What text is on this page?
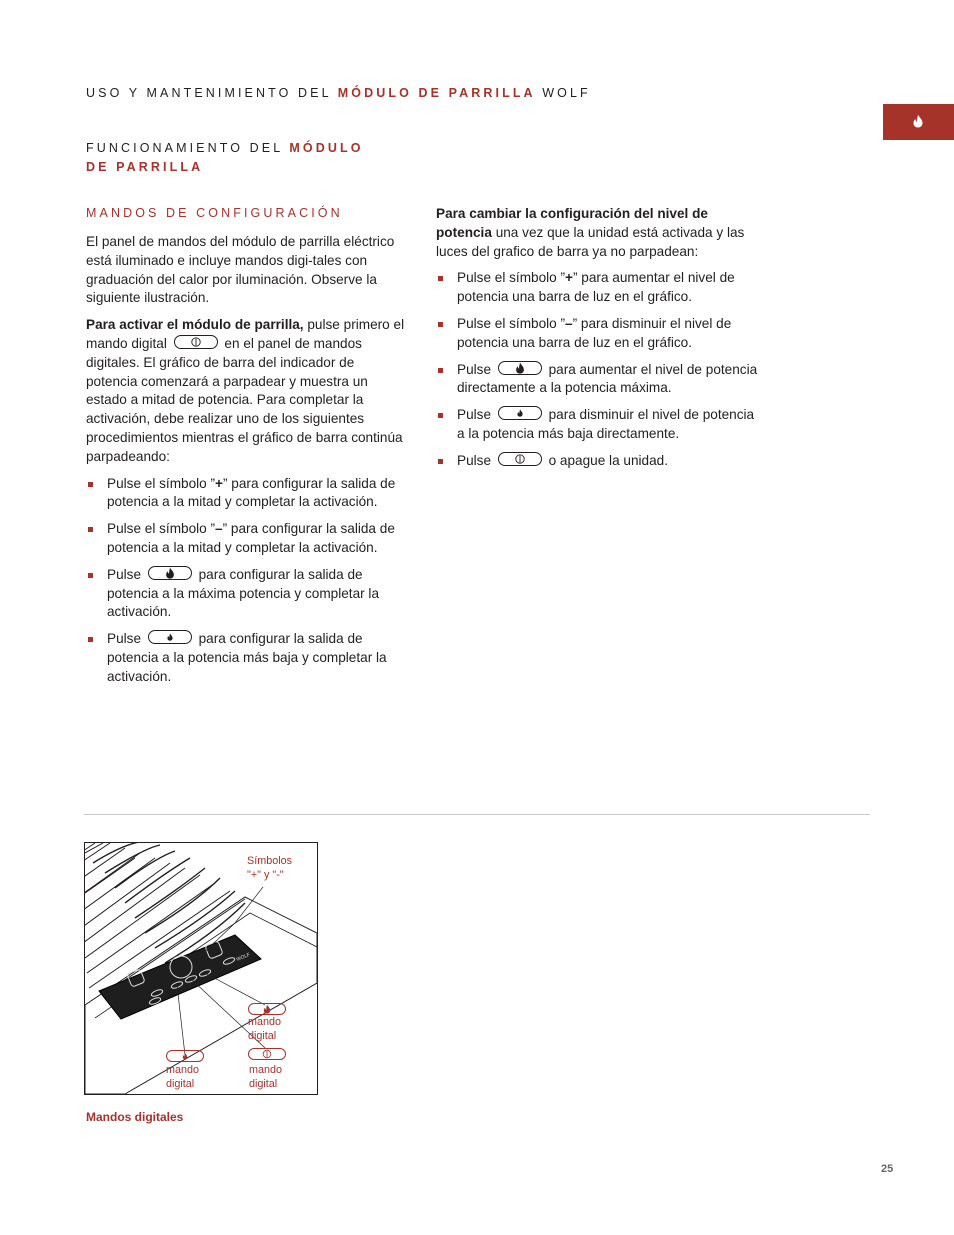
USO Y MANTENIMIENTO DEL MÓDULO DE PARRILLA WOLF
FUNCIONAMIENTO DEL MÓDULO
DE PARRILLA
MANDOS DE CONFIGURACIÓN

El panel de mandos del módulo de parrilla eléctrico está iluminado e incluye mandos digi-tales con graduación del calor por iluminación. Observe la siguiente ilustración.

Para activar el módulo de parrilla, pulse primero el mando digital	en el panel de mandos digitales. El gráfico de barra del indicador de potencia comenzará a parpadear y muestra un estado a mitad de potencia. Para completar la activación, debe realizar uno de los siguientes procedimientos mientras el gráfico de barra continúa parpadeando:

Pulse el símbolo ”+” para configurar la salida de potencia a la mitad y completar la activación.
Pulse el símbolo ”–” para configurar la salida de potencia a la mitad y completar la activación.
Pulse	para configurar la salida de potencia a la máxima potencia y completar la activación.
Pulse	para configurar la salida de potencia a la potencia más baja y completar la activación.

Para cambiar la configuración del nivel de potencia una vez que la unidad está activada y las luces del grafico de barra ya no parpadean:

Pulse el símbolo ”+” para aumentar el nivel de potencia una barra de luz en el gráfico.
Pulse el símbolo ”–” para disminuir el nivel de potencia una barra de luz en el gráfico.
Pulse	para aumentar el nivel de potencia directamente a la potencia máxima.
Pulse	para disminuir el nivel de potencia a la potencia más baja directamente.
Pulse	o apague la unidad.
WOLF
Símbolos
"+" y "-"
mando
digital
mando
digital
mando
digital
Mandos digitales
25
